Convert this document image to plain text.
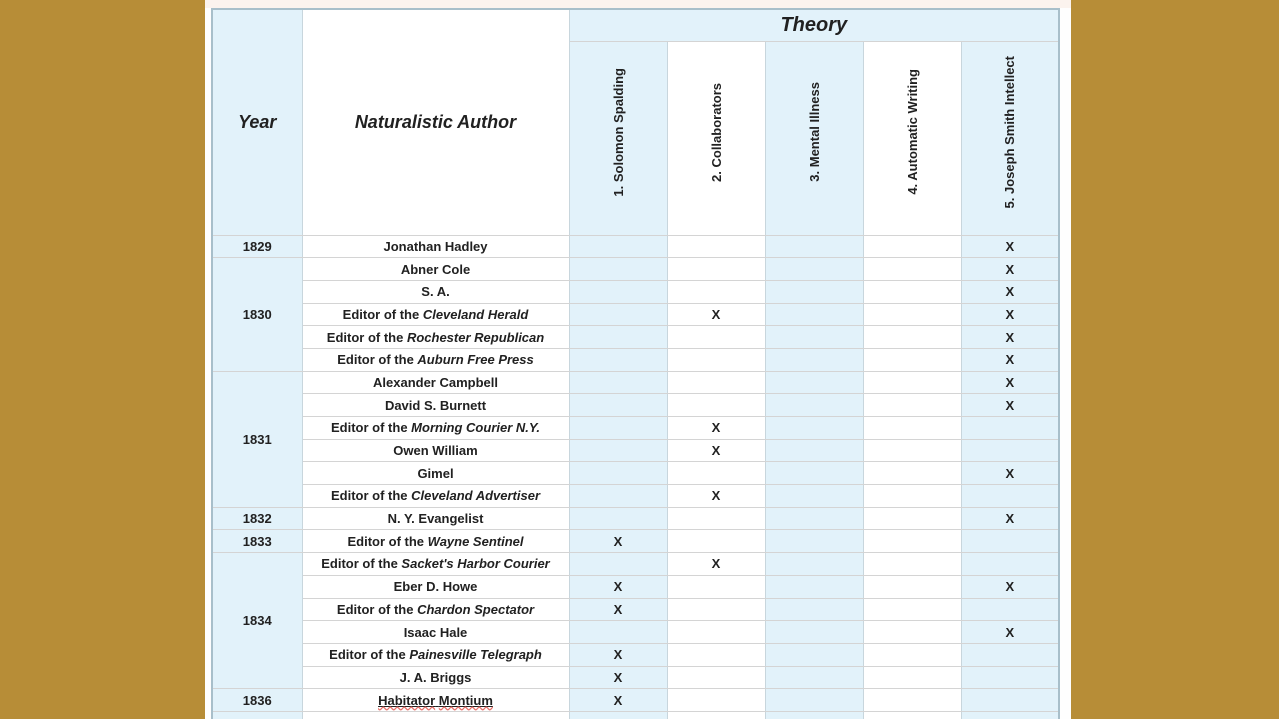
Year	Naturalistic Author	Theory				

		1. Solomon Spalding	2. Collaborators	3. Mental Illness	4. Automatic Writing	5. Joseph Smith Intellect

1829	Jonathan Hadley					X
1830	Abner Cole					X
	S. A.					X
	Editor of the Cleveland Herald		X			X
	Editor of the Rochester Republican					X
	Editor of the Auburn Free Press					X
1831	Alexander Campbell					X
	David S. Burnett					X
	Editor of the Morning Courier N.Y.		X			
	Owen William		X			
	Gimel					X
	Editor of the Cleveland Advertiser		X			
1832	N. Y. Evangelist					X
1833	Editor of the Wayne Sentinel	X				
1834	Editor of the Sacket's Harbor Courier		X			
	Eber D. Howe	X				X
	Editor of the Chardon Spectator	X				
	Isaac Hale					X
	Editor of the Painesville Telegraph	X				
	J. A. Briggs	X				
1836	Habitator Montium	X				
